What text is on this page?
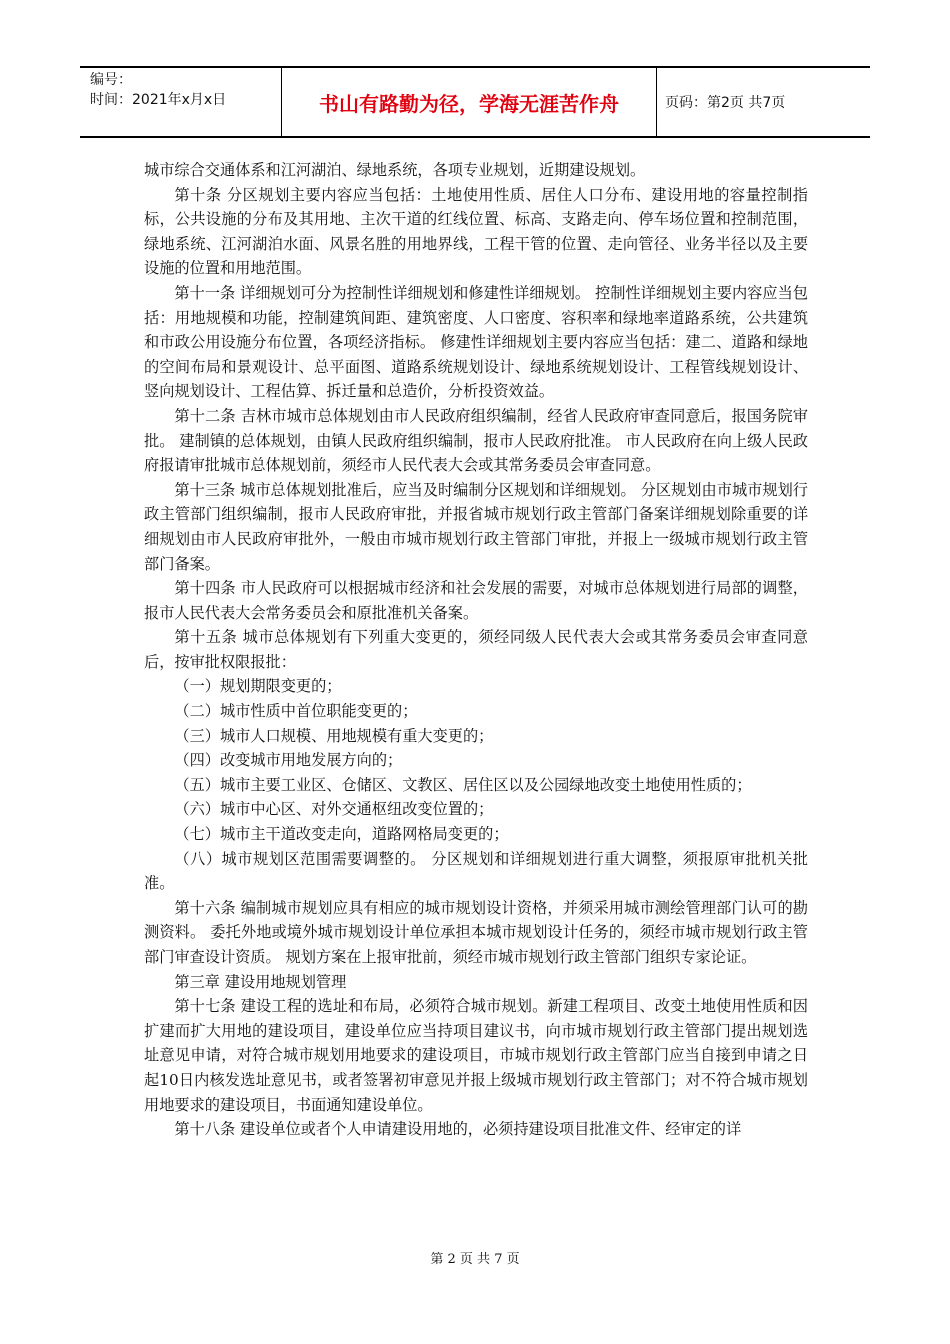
编号：
时间：2021年x月x日	书山有路勤为径，学海无涯苦作舟	页码：第2页 共7页

城市综合交通体系和江河湖泊、绿地系统，各项专业规划，近期建设规划。

第十条 分区规划主要内容应当包括：土地使用性质、居住人口分布、建设用地的容量控制指标，公共设施的分布及其用地、主次干道的红线位置、标高、支路走向、停车场位置和控制范围，绿地系统、江河湖泊水面、风景名胜的用地界线，工程干管的位置、走向管径、业务半径以及主要设施的位置和用地范围。

第十一条 详细规划可分为控制性详细规划和修建性详细规划。 控制性详细规划主要内容应当包括：用地规模和功能，控制建筑间距、建筑密度、人口密度、容积率和绿地率道路系统，公共建筑和市政公用设施分布位置，各项经济指标。 修建性详细规划主要内容应当包括：建二、道路和绿地的空间布局和景观设计、总平面图、道路系统规划设计、绿地系统规划设计、工程管线规划设计、竖向规划设计、工程估算、拆迁量和总造价，分析投资效益。

第十二条 吉林市城市总体规划由市人民政府组织编制，经省人民政府审查同意后，报国务院审批。 建制镇的总体规划，由镇人民政府组织编制，报市人民政府批准。 市人民政府在向上级人民政府报请审批城市总体规划前，须经市人民代表大会或其常务委员会审查同意。

第十三条 城市总体规划批准后，应当及时编制分区规划和详细规划。 分区规划由市城市规划行政主管部门组织编制，报市人民政府审批，并报省城市规划行政主管部门备案详细规划除重要的详细规划由市人民政府审批外，一般由市城市规划行政主管部门审批，并报上一级城市规划行政主管部门备案。

第十四条 市人民政府可以根据城市经济和社会发展的需要，对城市总体规划进行局部的调整，报市人民代表大会常务委员会和原批准机关备案。

第十五条 城市总体规划有下列重大变更的，须经同级人民代表大会或其常务委员会审查同意后，按审批权限报批：

（一）规划期限变更的；

（二）城市性质中首位职能变更的；

（三）城市人口规模、用地规模有重大变更的；

（四）改变城市用地发展方向的；

（五）城市主要工业区、仓储区、文教区、居住区以及公园绿地改变土地使用性质的；

（六）城市中心区、对外交通枢纽改变位置的；

（七）城市主干道改变走向，道路网格局变更的；

（八）城市规划区范围需要调整的。 分区规划和详细规划进行重大调整，须报原审批机关批准。

第十六条 编制城市规划应具有相应的城市规划设计资格，并须采用城市测绘管理部门认可的勘测资料。 委托外地或境外城市规划设计单位承担本城市规划设计任务的，须经市城市规划行政主管部门审查设计资质。 规划方案在上报审批前，须经市城市规划行政主管部门组织专家论证。

第三章 建设用地规划管理

第十七条 建设工程的选址和布局，必须符合城市规划。新建工程项目、改变土地使用性质和因扩建而扩大用地的建设项目，建设单位应当持项目建议书，向市城市规划行政主管部门提出规划选址意见申请，对符合城市规划用地要求的建设项目，市城市规划行政主管部门应当自接到申请之日起10日内核发选址意见书，或者签署初审意见并报上级城市规划行政主管部门；对不符合城市规划用地要求的建设项目，书面通知建设单位。

第十八条 建设单位或者个人申请建设用地的，必须持建设项目批准文件、经审定的详

第 2 页 共 7 页
